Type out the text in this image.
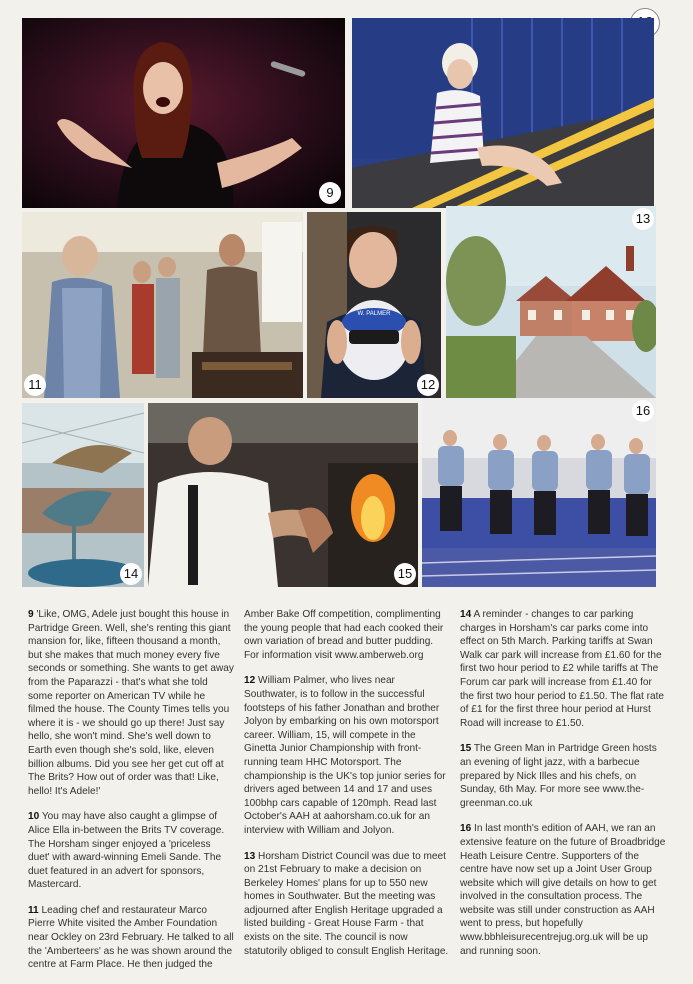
9
11
W. PALMER
12
13
14	15
16

9 'Like, OMG, Adele just bought this house in Partridge Green. Well, she's renting this giant mansion for, like, fifteen thousand a month, but she makes that much money every five seconds or something. She wants to get away from the Paparazzi - that's what she told some reporter on American TV while he filmed the house. The County Times tells you where it is - we should go up there! Just say hello, she won't mind. She's well down to Earth even though she's sold, like, eleven billion albums. Did you see her get cut off at The Brits? How out of order was that! Like, hello! It's Adele!'

10 You may have also caught a glimpse of Alice Ella in-between the Brits TV coverage. The Horsham singer enjoyed a 'priceless duet' with award-winning Emeli Sande. The duet featured in an advert for sponsors, Mastercard.

11 Leading chef and restaurateur Marco Pierre White visited the Amber Foundation near Ockley on 23rd February. He talked to all the 'Amberteers' as he was shown around the centre at Farm Place. He then judged the

Amber Bake Off competition, complimenting the young people that had each cooked their own variation of bread and butter pudding. For information visit www.amberweb.org

12 William Palmer, who lives near Southwater, is to follow in the successful footsteps of his father Jonathan and brother Jolyon by embarking on his own motorsport career. William, 15, will compete in the Ginetta Junior Championship with front-running team HHC Motorsport. The championship is the UK's top junior series for drivers aged between 14 and 17 and uses 100bhp cars capable of 120mph. Read last October's AAH at aahorsham.co.uk for an interview with William and Jolyon.

13 Horsham District Council was due to meet on 21st February to make a decision on Berkeley Homes' plans for up to 550 new homes in Southwater. But the meeting was adjourned after English Heritage upgraded a listed building - Great House Farm - that exists on the site. The council is now statutorily obliged to consult English Heritage.

14 A reminder - changes to car parking charges in Horsham's car parks come into effect on 5th March. Parking tariffs at Swan Walk car park will increase from £1.60 for the first two hour period to £2 while tariffs at The Forum car park will increase from £1.40 for the first two hour period to £1.50. The flat rate of £1 for the first three hour period at Hurst Road will increase to £1.50.

15 The Green Man in Partridge Green hosts an evening of light jazz, with a barbecue prepared by Nick Illes and his chefs, on Sunday, 6th May. For more see www.the-greenman.co.uk

16 In last month's edition of AAH, we ran an extensive feature on the future of Broadbridge Heath Leisure Centre. Supporters of the centre have now set up a Joint User Group website which will give details on how to get involved in the consultation process. The website was still under construction as AAH went to press, but hopefully www.bbhleisurecentrejug.org.uk will be up and running soon.
